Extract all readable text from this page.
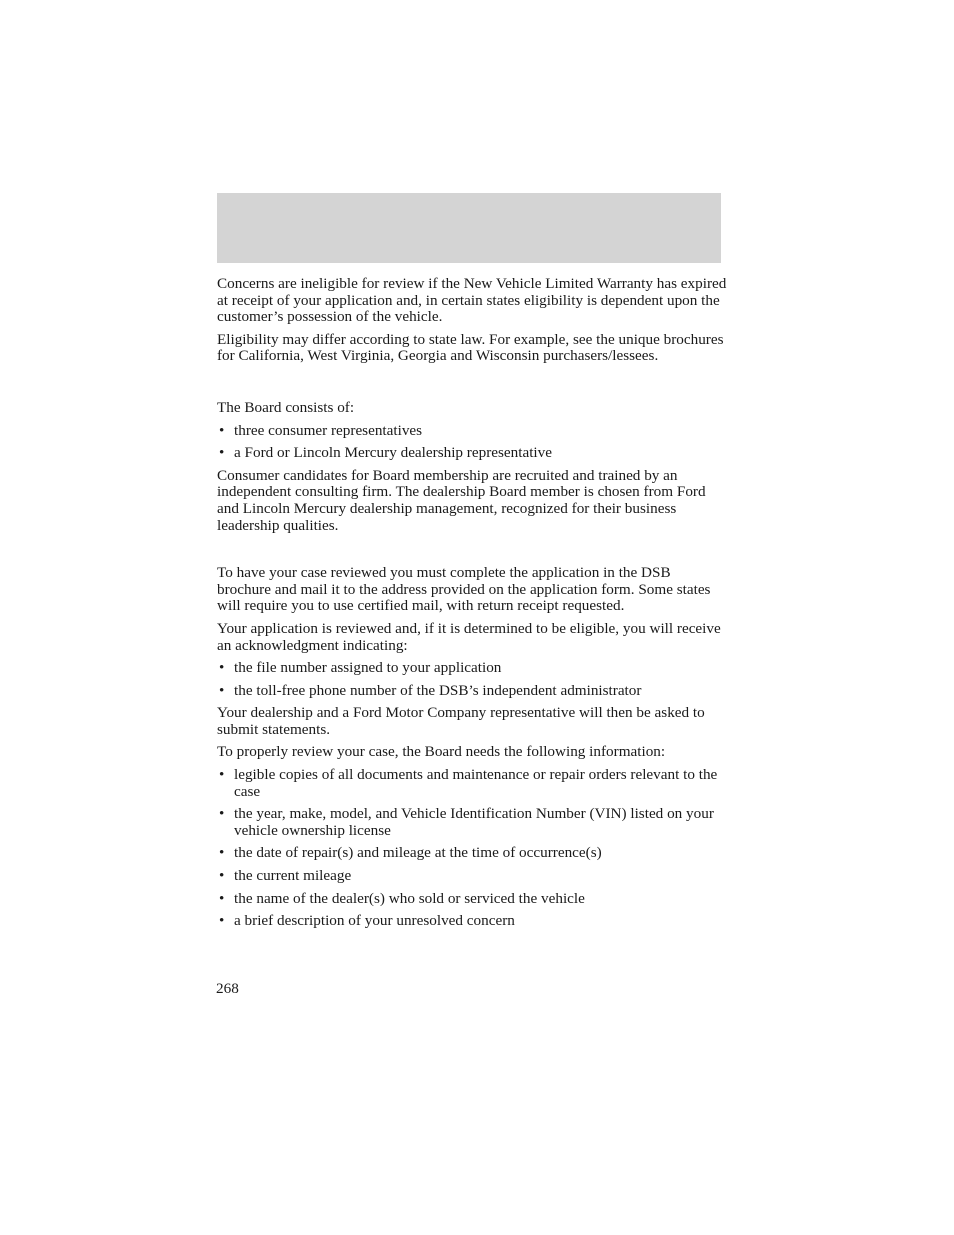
Concerns are ineligible for review if the New Vehicle Limited Warranty has expired at receipt of your application and, in certain states eligibility is dependent upon the customer’s possession of the vehicle.

Eligibility may differ according to state law. For example, see the unique brochures for California, West Virginia, Georgia and Wisconsin purchasers/lessees.

The Board consists of:

• three consumer representatives
• a Ford or Lincoln Mercury dealership representative

Consumer candidates for Board membership are recruited and trained by an independent consulting firm. The dealership Board member is chosen from Ford and Lincoln Mercury dealership management, recognized for their business leadership qualities.

To have your case reviewed you must complete the application in the DSB brochure and mail it to the address provided on the application form. Some states will require you to use certified mail, with return receipt requested.

Your application is reviewed and, if it is determined to be eligible, you will receive an acknowledgment indicating:

• the file number assigned to your application
• the toll-free phone number of the DSB’s independent administrator

Your dealership and a Ford Motor Company representative will then be asked to submit statements.

To properly review your case, the Board needs the following information:

• legible copies of all documents and maintenance or repair orders relevant to the case
• the year, make, model, and Vehicle Identification Number (VIN) listed on your vehicle ownership license
• the date of repair(s) and mileage at the time of occurrence(s)
• the current mileage
• the name of the dealer(s) who sold or serviced the vehicle
• a brief description of your unresolved concern
268
